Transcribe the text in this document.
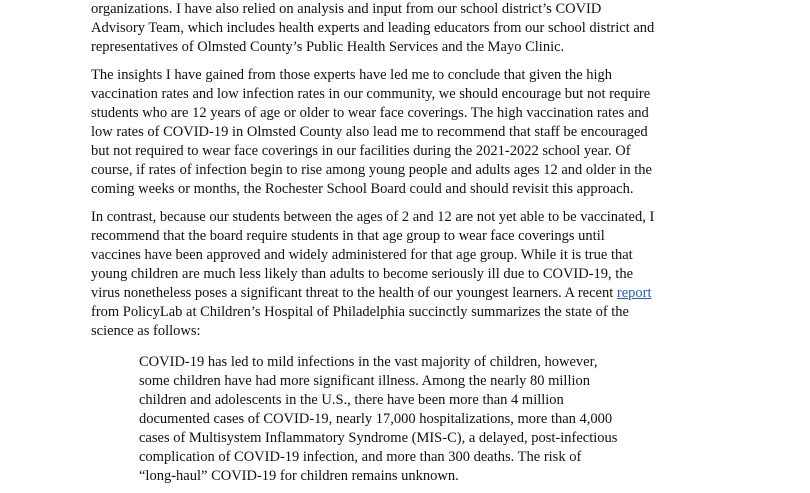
organizations. I have also relied on analysis and input from our school district’s COVID
Advisory Team, which includes health experts and leading educators from our school district and
representatives of Olmsted County’s Public Health Services and the Mayo Clinic.

The insights I have gained from those experts have led me to conclude that given the high
vaccination rates and low infection rates in our community, we should encourage but not require
students who are 12 years of age or older to wear face coverings. The high vaccination rates and
low rates of COVID-19 in Olmsted County also lead me to recommend that staff be encouraged
but not required to wear face coverings in our facilities during the 2021-2022 school year. Of
course, if rates of infection begin to rise among young people and adults ages 12 and older in the
coming weeks or months, the Rochester School Board could and should revisit this approach.

In contrast, because our students between the ages of 2 and 12 are not yet able to be vaccinated, I
recommend that the board require students in that age group to wear face coverings until
vaccines have been approved and widely administered for that age group. While it is true that
young children are much less likely than adults to become seriously ill due to COVID-19, the
virus nonetheless poses a significant threat to the health of our youngest learners. A recent report
from PolicyLab at Children’s Hospital of Philadelphia succinctly summarizes the state of the
science as follows:

COVID-19 has led to mild infections in the vast majority of children, however,
some children have had more significant illness. Among the nearly 80 million
children and adolescents in the U.S., there have been more than 4 million
documented cases of COVID-19, nearly 17,000 hospitalizations, more than 4,000
cases of Multisystem Inflammatory Syndrome (MIS-C), a delayed, post-infectious
complication of COVID-19 infection, and more than 300 deaths. The risk of
“long-haul” COVID-19 for children remains unknown.
